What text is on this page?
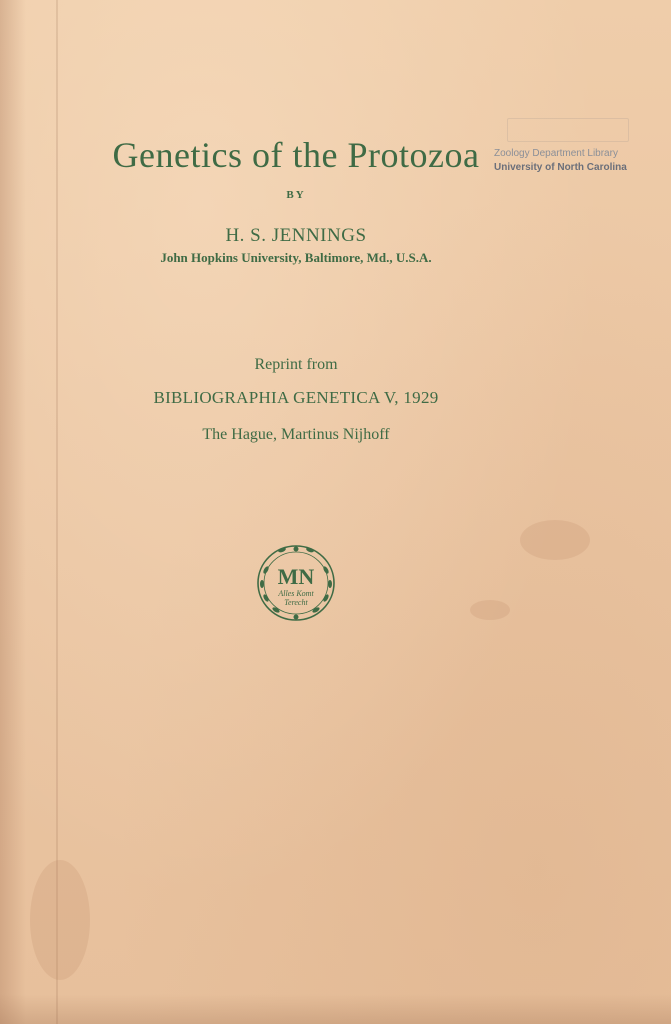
Genetics of the Protozoa
BY
H. S. JENNINGS
John Hopkins University, Baltimore, Md., U.S.A.
Reprint from
BIBLIOGRAPHIA GENETICA V, 1929
The Hague, Martinus Nijhoff
Zoology Department Library
University of North Carolina
MN
Alles Komt
Terecht
